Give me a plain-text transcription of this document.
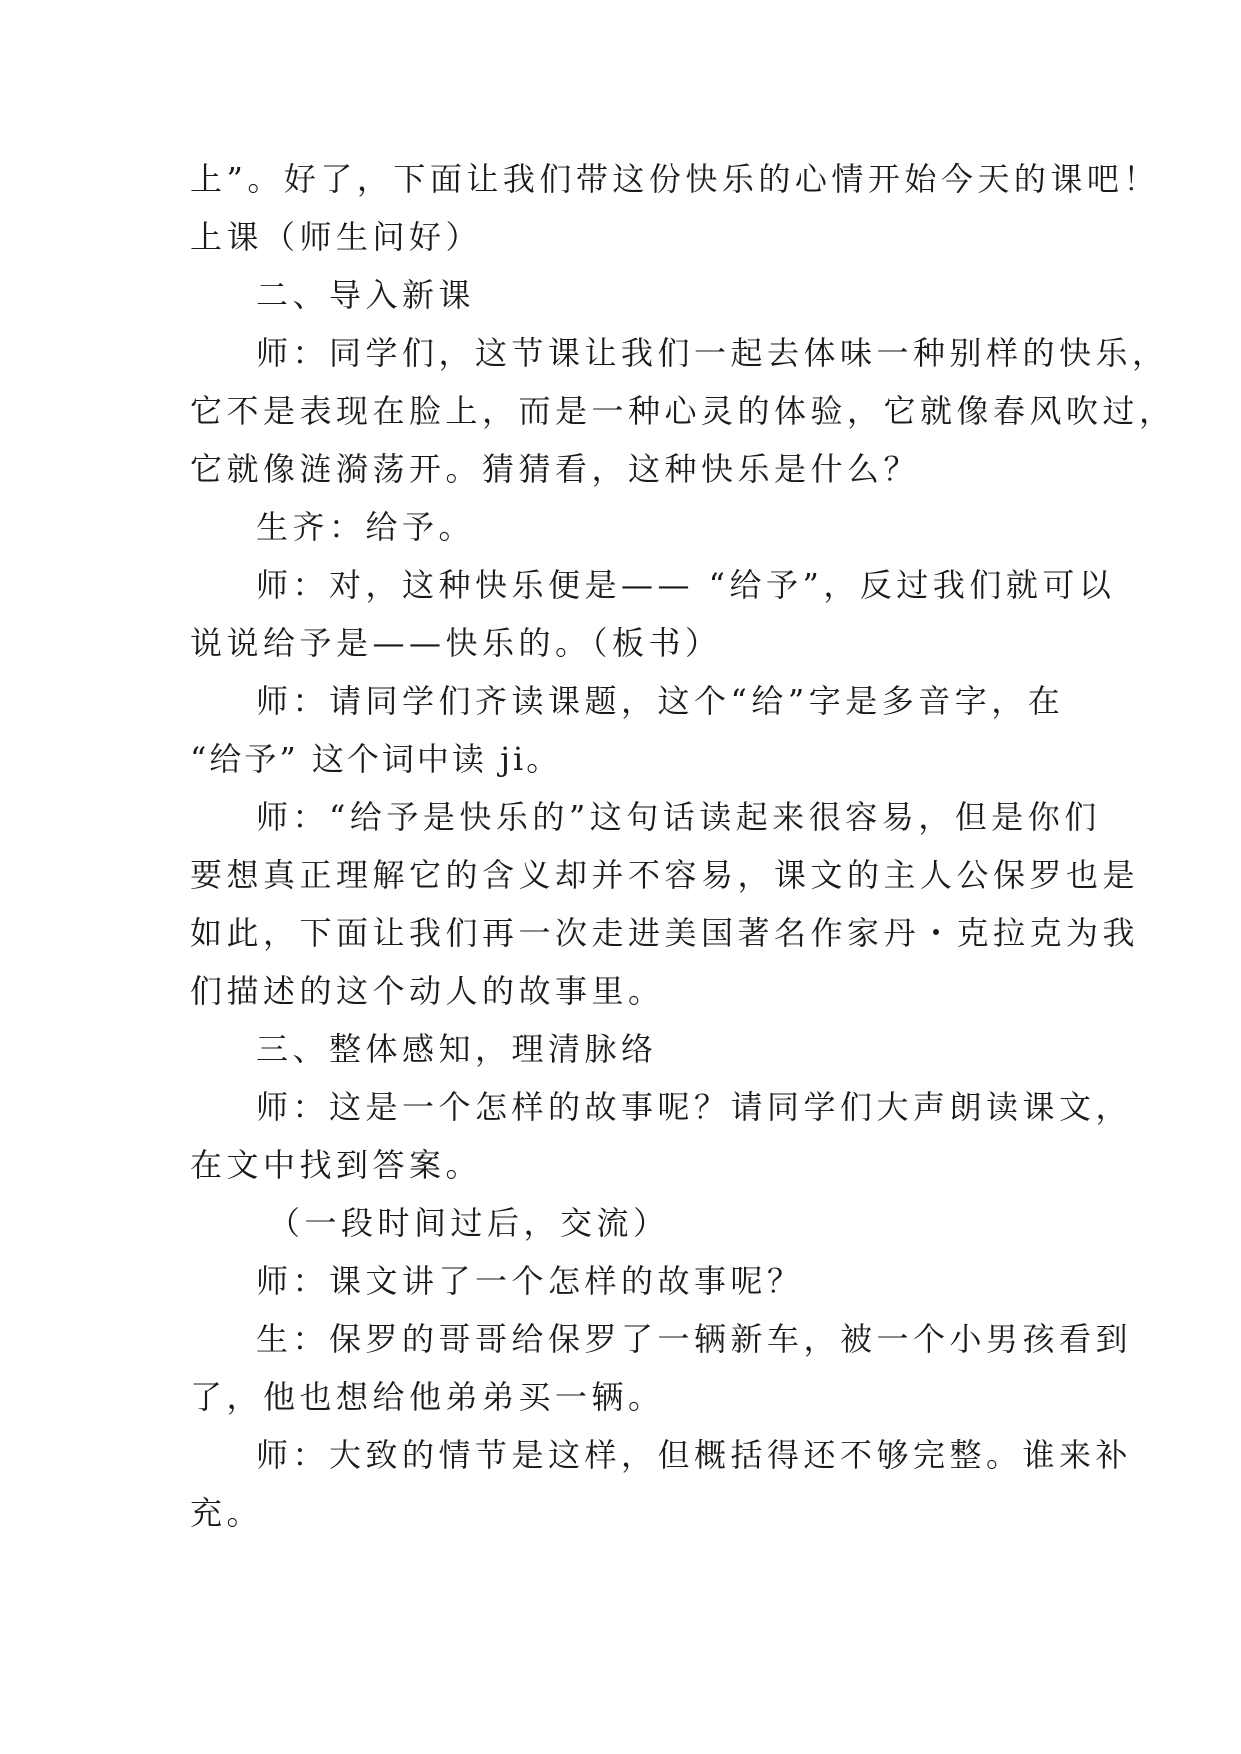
上”。好了，下面让我们带这份快乐的心情开始今天的课吧！
上课（师生问好）
二、导入新课
师：同学们，这节课让我们一起去体味一种别样的快乐，
它不是表现在脸上，而是一种心灵的体验，它就像春风吹过，
它就像涟漪荡开。猜猜看，这种快乐是什么？
生齐：给予。
师：对，这种快乐便是—— “给予”，反过我们就可以
说说给予是——快乐的。（板书）
师：请同学们齐读课题，这个“给”字是多音字，在
“给予” 这个词中读 ji。
师：“给予是快乐的”这句话读起来很容易，但是你们
要想真正理解它的含义却并不容易，课文的主人公保罗也是
如此，下面让我们再一次走进美国著名作家丹・克拉克为我
们描述的这个动人的故事里。
三、整体感知，理清脉络
师：这是一个怎样的故事呢？请同学们大声朗读课文，
在文中找到答案。
（一段时间过后，交流）
师：课文讲了一个怎样的故事呢？
生：保罗的哥哥给保罗了一辆新车，被一个小男孩看到
了，他也想给他弟弟买一辆。
师：大致的情节是这样，但概括得还不够完整。谁来补
充。
